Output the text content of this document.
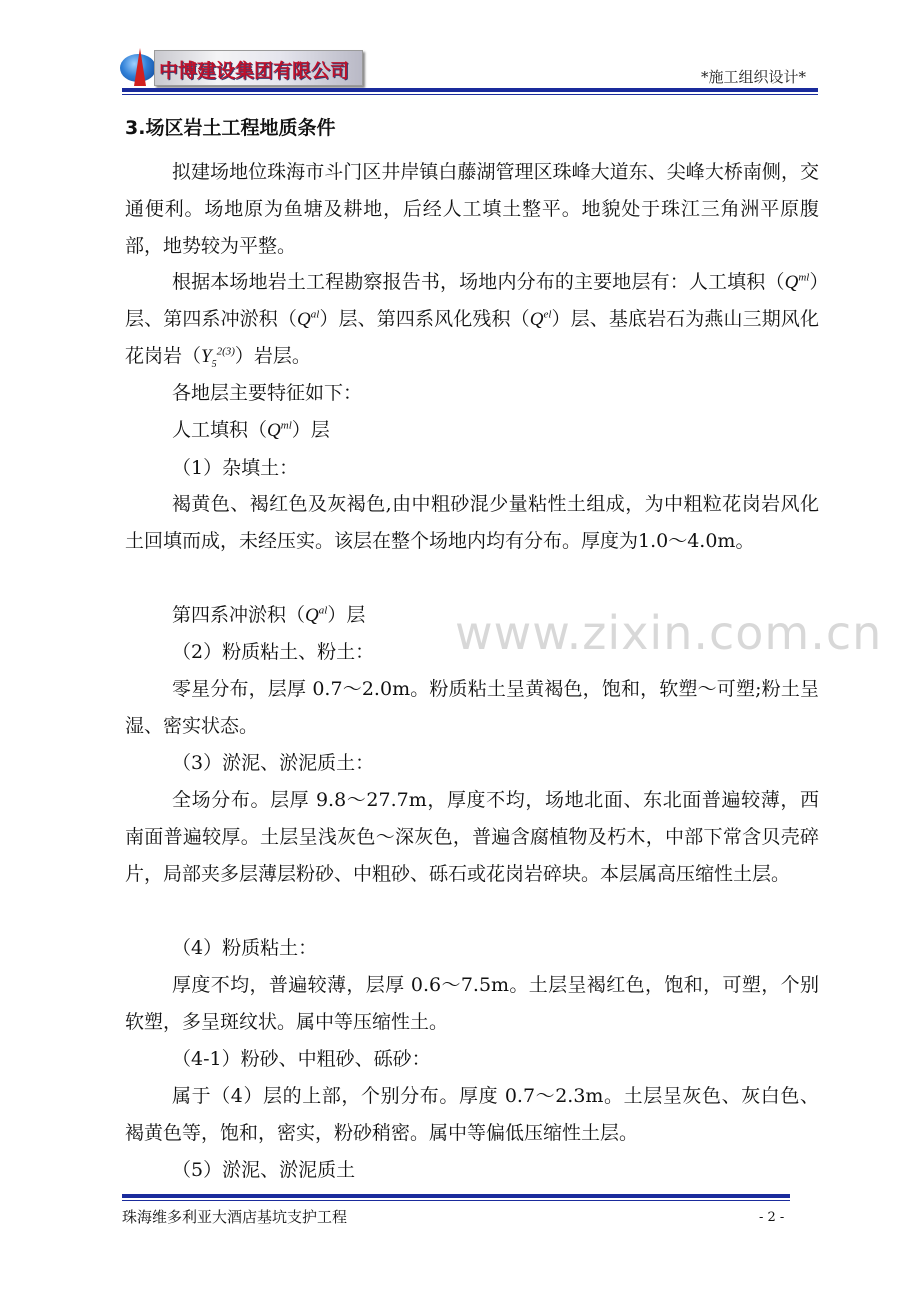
中博建设集团有限公司	*施工组织设计*
3.场区岩土工程地质条件

拟建场地位珠海市斗门区井岸镇白藤湖管理区珠峰大道东、尖峰大桥南侧，交通便利。场地原为鱼塘及耕地，后经人工填土整平。地貌处于珠江三角洲平原腹部，地势较为平整。

根据本场地岩土工程勘察报告书，场地内分布的主要地层有：人工填积$(Q^{ml})$层、第四系冲淤积$(Q^{al})$层、第四系风化残积$(Q^{el})$层、基底岩石为燕山三期风化花岗岩$(Y_5^{2(3)})$岩层。

各地层主要特征如下：

人工填积$(Q^{ml})$层

（1）杂填土：

褐黄色、褐红色及灰褐色,由中粗砂混少量粘性土组成，为中粗粒花岗岩风化土回填而成，未经压实。该层在整个场地内均有分布。厚度为1.0～4.0m。

第四系冲淤积$(Q^{al})$层

（2）粉质粘土、粉土：

零星分布，层厚 0.7～2.0m。粉质粘土呈黄褐色，饱和，软塑～可塑;粉土呈湿、密实状态。

（3）淤泥、淤泥质土：

全场分布。层厚 9.8～27.7m，厚度不均，场地北面、东北面普遍较薄，西南面普遍较厚。土层呈浅灰色～深灰色，普遍含腐植物及朽木，中部下常含贝壳碎片，局部夹多层薄层粉砂、中粗砂、砾石或花岗岩碎块。本层属高压缩性土层。

（4）粉质粘土：

厚度不均，普遍较薄，层厚 0.6～7.5m。土层呈褐红色，饱和，可塑，个别软塑，多呈斑纹状。属中等压缩性土。

（4-1）粉砂、中粗砂、砾砂：

属于（4）层的上部，个别分布。厚度 0.7～2.3m。土层呈灰色、灰白色、褐黄色等，饱和，密实，粉砂稍密。属中等偏低压缩性土层。

（5）淤泥、淤泥质土

www.zixin.com.cn
珠海维多利亚大酒店基坑支护工程	- 2 -
